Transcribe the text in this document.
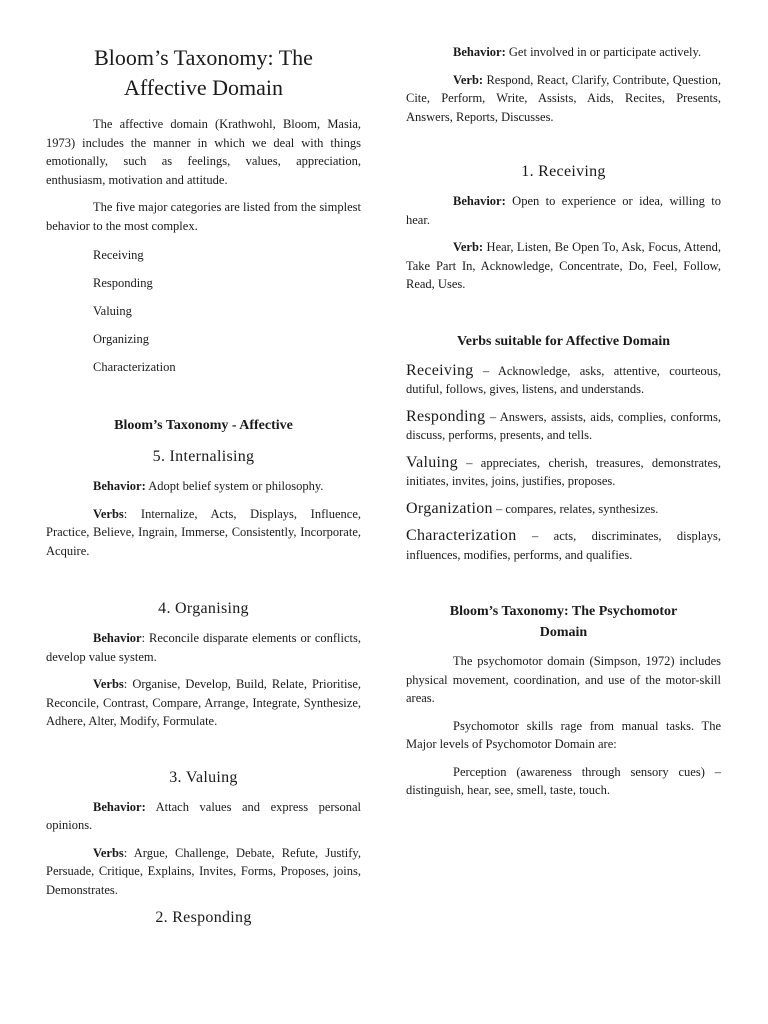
Bloom’s Taxonomy: The
Affective Domain

The affective domain (Krathwohl, Bloom, Masia, 1973) includes the manner in which we deal with things emotionally, such as feelings, values, appreciation, enthusiasm, motivation and attitude.

The five major categories are listed from the simplest behavior to the most complex.

Receiving
Responding
Valuing
Organizing
Characterization
Bloom’s Taxonomy - Affective
5. Internalising

Behavior: Adopt belief system or philosophy.

Verbs: Internalize, Acts, Displays, Influence, Practice, Believe, Ingrain, Immerse, Consistently, Incorporate, Acquire.

4. Organising

Behavior: Reconcile disparate elements or conflicts, develop value system.

Verbs: Organise, Develop, Build, Relate, Prioritise, Reconcile, Contrast, Compare, Arrange, Integrate, Synthesize, Adhere, Alter, Modify, Formulate.

3. Valuing

Behavior: Attach values and express personal opinions.

Verbs: Argue, Challenge, Debate, Refute, Justify, Persuade, Critique, Explains, Invites, Forms, Proposes, joins, Demonstrates.

2. Responding

Behavior: Get involved in or participate actively.

Verb: Respond, React, Clarify, Contribute, Question, Cite, Perform, Write, Assists, Aids, Recites, Presents, Answers, Reports, Discusses.

1. Receiving

Behavior: Open to experience or idea, willing to hear.

Verb: Hear, Listen, Be Open To, Ask, Focus, Attend, Take Part In, Acknowledge, Concentrate, Do, Feel, Follow, Read, Uses.

Verbs suitable for Affective Domain

Receiving – Acknowledge, asks, attentive, courteous, dutiful, follows, gives, listens, and understands.

Responding – Answers, assists, aids, complies, conforms, discuss, performs, presents, and tells.

Valuing – appreciates, cherish, treasures, demonstrates, initiates, invites, joins, justifies, proposes.

Organization – compares, relates, synthesizes.

Characterization – acts, discriminates, displays, influences, modifies, performs, and qualifies.

Bloom’s Taxonomy: The Psychomotor
Domain

The psychomotor domain (Simpson, 1972) includes physical movement, coordination, and use of the motor-skill areas.

Psychomotor skills rage from manual tasks. The Major levels of Psychomotor Domain are:

Perception (awareness through sensory cues) – distinguish, hear, see, smell, taste, touch.
